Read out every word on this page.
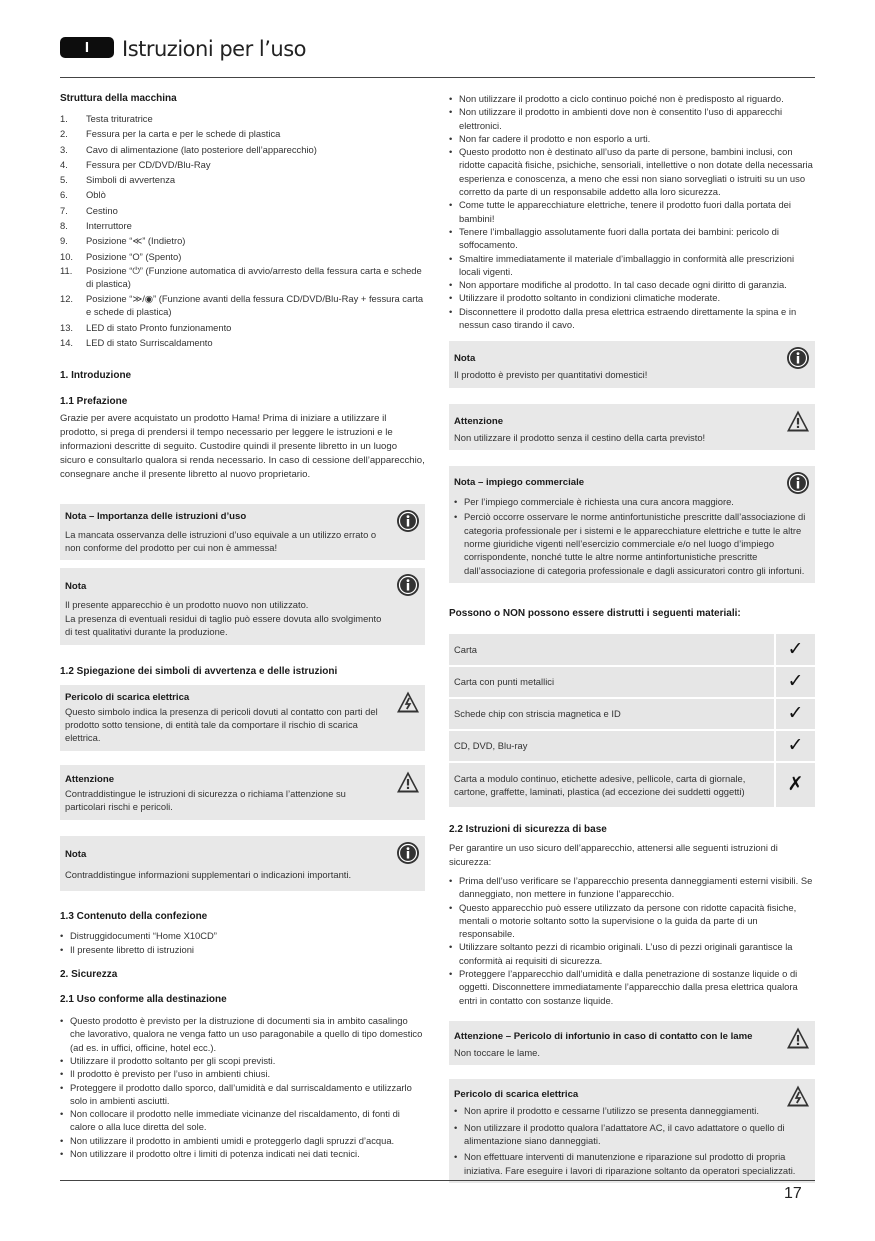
I	Istruzioni per l’uso
Struttura della macchina
1.	Testa trituratrice
2.	Fessura per la carta e per le schede di plastica
3.	Cavo di alimentazione (lato posteriore dell’apparecchio)
4.	Fessura per CD/DVD/Blu-Ray
5.	Simboli di avvertenza
6.	Oblò
7.	Cestino
8.	Interruttore
9.	Posizione “≪” (Indietro)
10.	Posizione “O” (Spento)
11.	Posizione “⏻” (Funzione automatica di avvio/arresto della fessura carta e schede di plastica)
12.	Posizione “≫/◉” (Funzione avanti della fessura CD/DVD/Blu-Ray + fessura carta e schede di plastica)
13.	LED di stato Pronto funzionamento
14.	LED di stato Surriscaldamento
1. Introduzione
1.1 Prefazione

Grazie per avere acquistato un prodotto Hama! Prima di iniziare a utilizzare il prodotto, si prega di prendersi il tempo necessario per leggere le istruzioni e le informazioni descritte di seguito. Custodire quindi il presente libretto in un luogo sicuro e consultarlo qualora si renda necessario. In caso di cessione dell’apparecchio, consegnare anche il presente libretto al nuovo proprietario.

Nota – Importanza delle istruzioni d’uso
La mancata osservanza delle istruzioni d’uso equivale a un utilizzo errato o non conforme del prodotto per cui non è ammessa!
Nota
Il presente apparecchio è un prodotto nuovo non utilizzato.
La presenza di eventuali residui di taglio può essere dovuta allo svolgimento di test qualitativi durante la produzione.
1.2 Spiegazione dei simboli di avvertenza e delle istruzioni
Pericolo di scarica elettrica
Questo simbolo indica la presenza di pericoli dovuti al contatto con parti del prodotto sotto tensione, di entità tale da comportare il rischio di scarica elettrica.
Attenzione
Contraddistingue le istruzioni di sicurezza o richiama l’attenzione su particolari rischi e pericoli.
Nota
Contraddistingue informazioni supplementari o indicazioni importanti.
1.3 Contenuto della confezione
• Distruggidocumenti “Home X10CD”
• Il presente libretto di istruzioni
2. Sicurezza
2.1 Uso conforme alla destinazione
• Questo prodotto è previsto per la distruzione di documenti sia in ambito casalingo che lavorativo, qualora ne venga fatto un uso paragonabile a quello di tipo domestico (ad es. in uffici, officine, hotel ecc.).
• Utilizzare il prodotto soltanto per gli scopi previsti.
• Il prodotto è previsto per l’uso in ambienti chiusi.
• Proteggere il prodotto dallo sporco, dall’umidità e dal surriscaldamento e utilizzarlo solo in ambienti asciutti.
• Non collocare il prodotto nelle immediate vicinanze del riscaldamento, di fonti di calore o alla luce diretta del sole.
• Non utilizzare il prodotto in ambienti umidi e proteggerlo dagli spruzzi d’acqua.
• Non utilizzare il prodotto oltre i limiti di potenza indicati nei dati tecnici.
• Non utilizzare il prodotto a ciclo continuo poiché non è predisposto al riguardo.
• Non utilizzare il prodotto in ambienti dove non è consentito l’uso di apparecchi elettronici.
• Non far cadere il prodotto e non esporlo a urti.
• Questo prodotto non è destinato all’uso da parte di persone, bambini inclusi, con ridotte capacità fisiche, psichiche, sensoriali, intellettive o non dotate della necessaria esperienza e conoscenza, a meno che essi non siano sorvegliati o istruiti su un uso corretto da parte di un responsabile addetto alla loro sicurezza.
• Come tutte le apparecchiature elettriche, tenere il prodotto fuori dalla portata dei bambini!
• Tenere l’imballaggio assolutamente fuori dalla portata dei bambini: pericolo di soffocamento.
• Smaltire immediatamente il materiale d’imballaggio in conformità alle prescrizioni locali vigenti.
• Non apportare modifiche al prodotto. In tal caso decade ogni diritto di garanzia.
• Utilizzare il prodotto soltanto in condizioni climatiche moderate.
• Disconnettere il prodotto dalla presa elettrica estraendo direttamente la spina e in nessun caso tirando il cavo.
Nota
Il prodotto è previsto per quantitativi domestici!
Attenzione
Non utilizzare il prodotto senza il cestino della carta previsto!
Nota – impiego commerciale
• Per l’impiego commerciale è richiesta una cura ancora maggiore.
• Perciò occorre osservare le norme antinfortunistiche prescritte dall’associazione di categoria professionale per i sistemi e le apparecchiature elettriche e tutte le altre norme giuridiche vigenti nell’esercizio commerciale e/o nel luogo d’impiego corrispondente, nonché tutte le altre norme antinfortunistiche prescritte dall’associazione di categoria professionale e dagli assicuratori contro gli infortuni.
Possono o NON possono essere distrutti i seguenti materiali:
Carta	✓
Carta con punti metallici	✓
Schede chip con striscia magnetica e ID	✓
CD, DVD, Blu-ray	✓
Carta a modulo continuo, etichette adesive, pellicole, carta di giornale, cartone, graffette, laminati, plastica (ad eccezione dei suddetti oggetti)	✗
2.2 Istruzioni di sicurezza di base

Per garantire un uso sicuro dell’apparecchio, attenersi alle seguenti istruzioni di sicurezza:

• Prima dell’uso verificare se l’apparecchio presenta danneggiamenti esterni visibili. Se danneggiato, non mettere in funzione l’apparecchio.
• Questo apparecchio può essere utilizzato da persone con ridotte capacità fisiche, mentali o motorie soltanto sotto la supervisione o la guida da parte di un responsabile.
• Utilizzare soltanto pezzi di ricambio originali. L’uso di pezzi originali garantisce la conformità ai requisiti di sicurezza.
• Proteggere l’apparecchio dall’umidità e dalla penetrazione di sostanze liquide o di oggetti. Disconnettere immediatamente l’apparecchio dalla presa elettrica qualora entri in contatto con sostanze liquide.
Attenzione – Pericolo di infortunio in caso di contatto con le lame
Non toccare le lame.
Pericolo di scarica elettrica
• Non aprire il prodotto e cessarne l’utilizzo se presenta danneggiamenti.
• Non utilizzare il prodotto qualora l’adattatore AC, il cavo adattatore o quello di alimentazione siano danneggiati.
• Non effettuare interventi di manutenzione e riparazione sul prodotto di propria iniziativa. Fare eseguire i lavori di riparazione soltanto da operatori specializzati.
17
